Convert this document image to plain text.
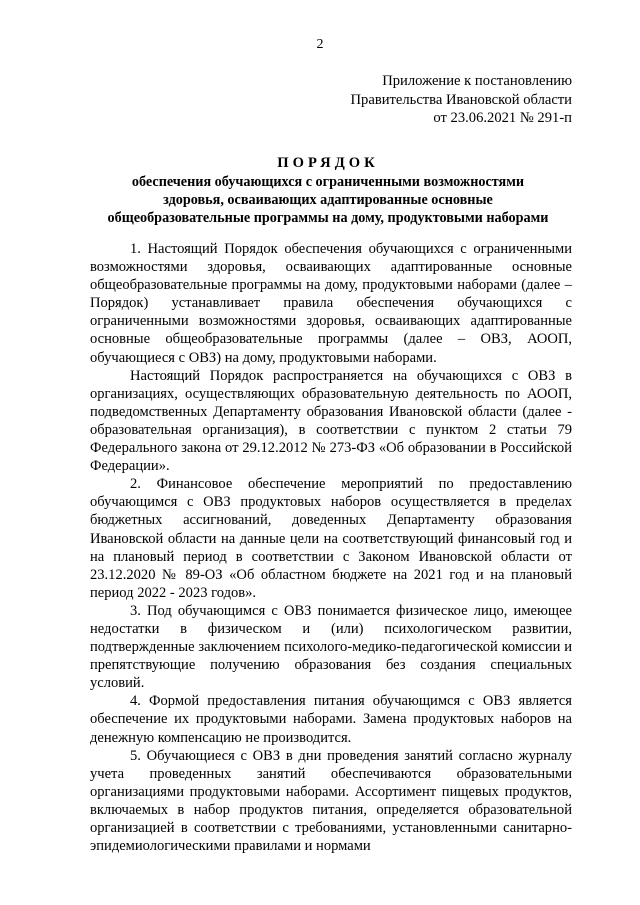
2
Приложение к постановлению
Правительства Ивановской области
от 23.06.2021 № 291-п
ПОРЯДОК
обеспечения обучающихся с ограниченными возможностями
здоровья, осваивающих адаптированные основные
общеобразовательные программы на дому, продуктовыми наборами

1. Настоящий Порядок обеспечения обучающихся с ограниченными возможностями здоровья, осваивающих адаптированные основные общеобразовательные программы на дому, продуктовыми наборами (далее – Порядок) устанавливает правила обеспечения обучающихся с ограниченными возможностями здоровья, осваивающих адаптированные основные общеобразовательные программы (далее – ОВЗ, АООП, обучающиеся с ОВЗ) на дому, продуктовыми наборами.

Настоящий Порядок распространяется на обучающихся с ОВЗ в организациях, осуществляющих образовательную деятельность по АООП, подведомственных Департаменту образования Ивановской области (далее - образовательная организация), в соответствии с пунктом 2 статьи 79 Федерального закона от 29.12.2012 № 273-ФЗ «Об образовании в Российской Федерации».

2. Финансовое обеспечение мероприятий по предоставлению обучающимся с ОВЗ продуктовых наборов осуществляется в пределах бюджетных ассигнований, доведенных Департаменту образования Ивановской области на данные цели на соответствующий финансовый год и на плановый период в соответствии с Законом Ивановской области от 23.12.2020 № 89-ОЗ «Об областном бюджете на 2021 год и на плановый период 2022 - 2023 годов».

3. Под обучающимся с ОВЗ понимается физическое лицо, имеющее недостатки в физическом и (или) психологическом развитии, подтвержденные заключением психолого-медико-педагогической комиссии и препятствующие получению образования без создания специальных условий.

4. Формой предоставления питания обучающимся с ОВЗ является обеспечение их продуктовыми наборами. Замена продуктовых наборов на денежную компенсацию не производится.

5. Обучающиеся с ОВЗ в дни проведения занятий согласно журналу учета проведенных занятий обеспечиваются образовательными организациями продуктовыми наборами. Ассортимент пищевых продуктов, включаемых в набор продуктов питания, определяется образовательной организацией в соответствии с требованиями, установленными санитарно-эпидемиологическими правилами и нормами
